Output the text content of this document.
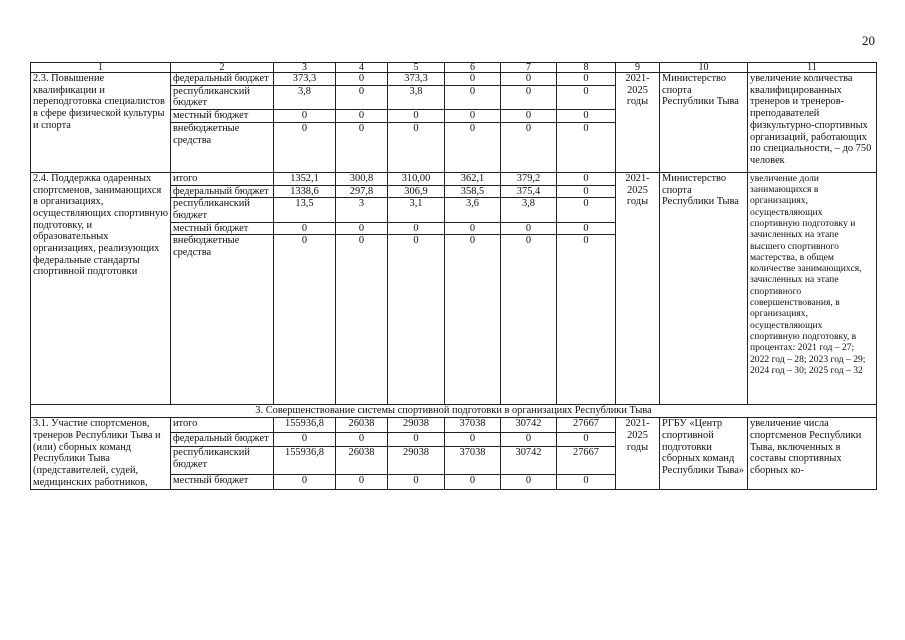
20
1	2	3	4	5	6	7	8	9	10	11
2.3. Повышение квалификации и переподготовка специалистов в сфере физической культуры и спорта	федеральный бюджет	373,3	0	373,3	0	0	0	2021-2025 годы	Министерство спорта Республики Тыва	увеличение количества квалифицированных тренеров и тренеров-преподавателей физкультурно-спортивных организаций, работающих по специальности, – до 750 человек
	республиканский бюджет	3,8	0	3,8	0	0	0			
	местный бюджет	0	0	0	0	0	0			
	внебюджетные средства	0	0	0	0	0	0			
2.4. Поддержка одаренных спортсменов, занимающихся в организациях, осуществляющих спортивную подготовку, и образовательных организациях, реализующих федеральные стандарты спортивной подготовки	итого	1352,1	300,8	310,00	362,1	379,2	0	2021-2025 годы	Министерство спорта Республики Тыва	увеличение доли занимающихся в организациях, осуществляющих спортивную подготовку и зачисленных на этапе высшего спортивного мастерства, в общем количестве занимающихся, зачисленных на этапе спортивного совершенствования, в организациях, осуществляющих спортивную подготовку, в процентах: 2021 год – 27; 2022 год – 28; 2023 год – 29; 2024 год – 30; 2025 год – 32
	федеральный бюджет	1338,6	297,8	306,9	358,5	375,4	0			
	республиканский бюджет	13,5	3	3,1	3,6	3,8	0			
	местный бюджет	0	0	0	0	0	0			
	внебюджетные средства	0	0	0	0	0	0			
3. Совершенствование системы спортивной подготовки в организациях Республики Тыва										
3.1. Участие спортсменов, тренеров Республики Тыва и (или) сборных команд Республики Тыва (представителей, судей, медицинских работников,	итого	155936,8	26038	29038	37038	30742	27667	2021-2025 годы	РГБУ «Центр спортивной подготовки сборных команд Республики Тыва»	увеличение числа спортсменов Республики Тыва, включенных в составы спортивных сборных ко-
	федеральный бюджет	0	0	0	0	0	0			
	республиканский бюджет	155936,8	26038	29038	37038	30742	27667			
	местный бюджет	0	0	0	0	0	0			
